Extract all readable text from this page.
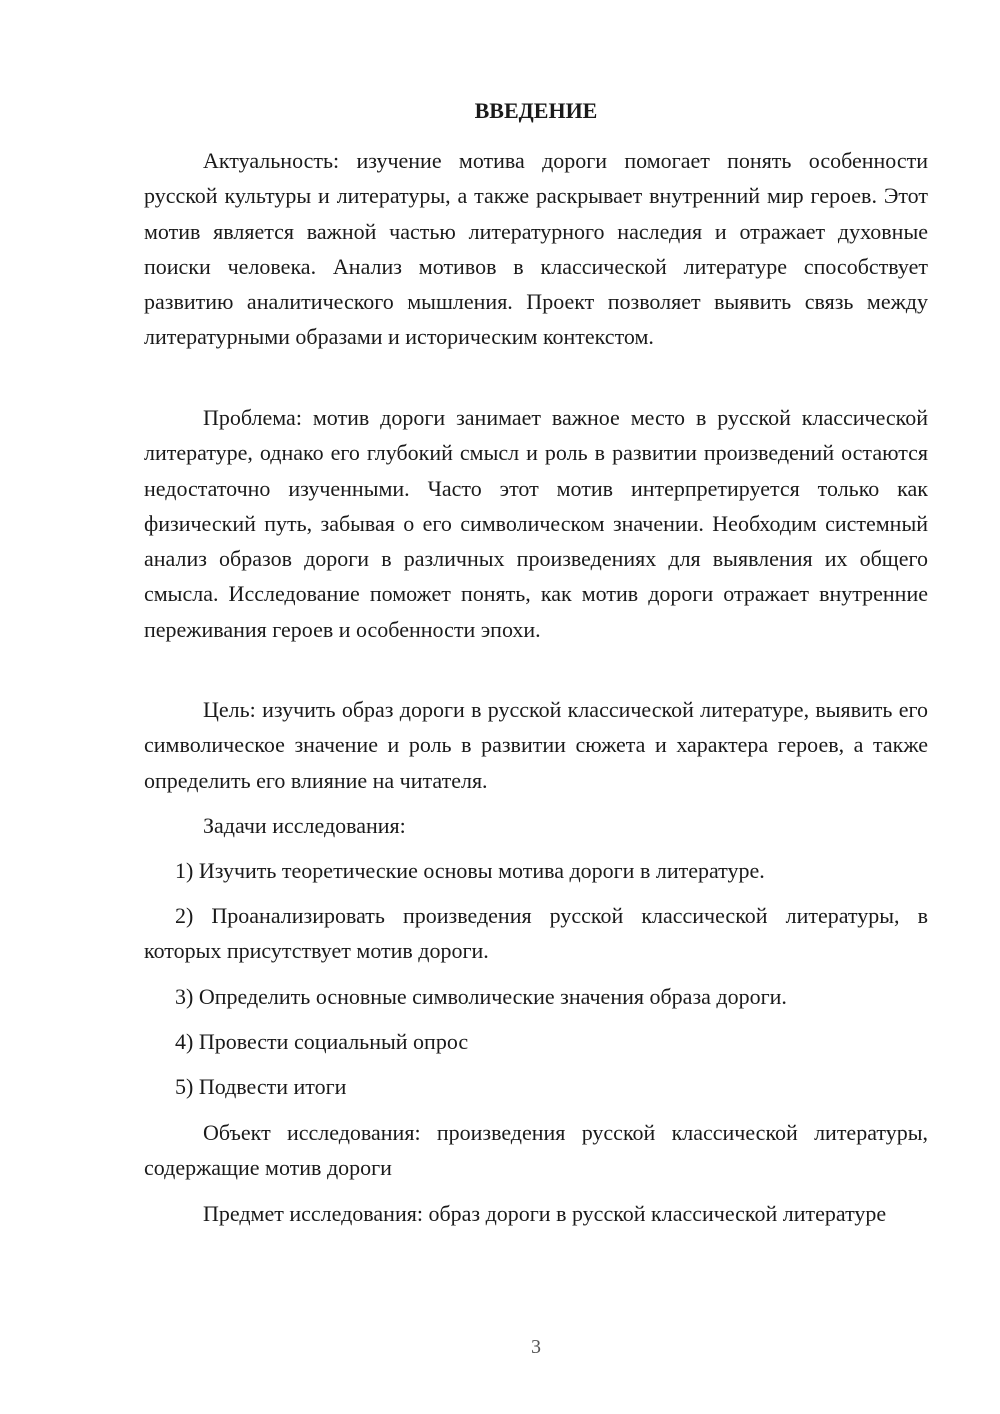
ВВЕДЕНИЕ

Актуальность: изучение мотива дороги помогает понять особенности русской культуры и литературы, а также раскрывает внутренний мир героев. Этот мотив является важной частью литературного наследия и отражает духовные поиски человека. Анализ мотивов в классической литературе способствует развитию аналитического мышления. Проект позволяет выявить связь между литературными образами и историческим контекстом.

Проблема: мотив дороги занимает важное место в русской классической литературе, однако его глубокий смысл и роль в развитии произведений остаются недостаточно изученными. Часто этот мотив интерпретируется только как физический путь, забывая о его символическом значении. Необходим системный анализ образов дороги в различных произведениях для выявления их общего смысла. Исследование поможет понять, как мотив дороги отражает внутренние переживания героев и особенности эпохи.

Цель: изучить образ дороги в русской классической литературе, выявить его символическое значение и роль в развитии сюжета и характера героев, а также определить его влияние на читателя.

Задачи исследования:

1) Изучить теоретические основы мотива дороги в литературе.

2) Проанализировать произведения русской классической литературы, в которых присутствует мотив дороги.

3) Определить основные символические значения образа дороги.

4) Провести социальный опрос

5) Подвести итоги

Объект исследования: произведения русской классической литературы, содержащие мотив дороги

Предмет исследования: образ дороги в русской классической литературе

3
